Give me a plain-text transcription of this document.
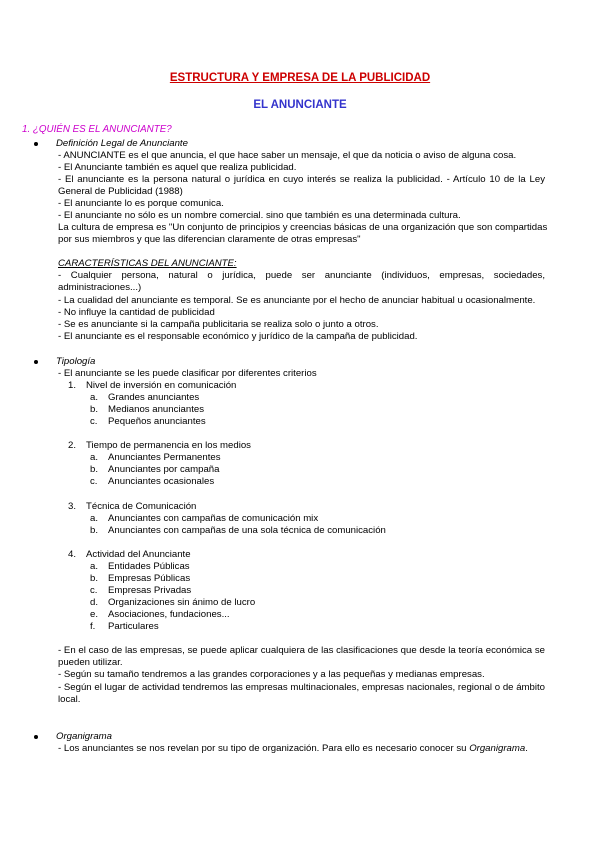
ESTRUCTURA Y EMPRESA DE LA PUBLICIDAD
EL ANUNCIANTE
1. ¿QUIÉN ES EL ANUNCIANTE?
Definición Legal de Anunciante
- ANUNCIANTE es el que anuncia, el que hace saber un mensaje, el que da noticia o aviso de alguna cosa.
- El Anunciante también es aquel que realiza publicidad.
- El anunciante es la persona natural o jurídica en cuyo interés se realiza la publicidad. - Artículo 10 de la Ley
General de Publicidad (1988)
- El anunciante lo es porque comunica.
- El anunciante no sólo es un nombre comercial. sino que también es una determinada cultura.
La cultura de empresa es "Un conjunto de principios y creencias básicas de una organización que son compartidas
por sus miembros y que las diferencian claramente de otras empresas"
CARACTERÍSTICAS DEL ANUNCIANTE:
- Cualquier persona, natural o jurídica, puede ser anunciante (individuos, empresas, sociedades,
administraciones...)
- La cualidad del anunciante es temporal. Se es anunciante por el hecho de anunciar habitual u ocasionalmente.
- No influye la cantidad de publicidad
- Se es anunciante si la campaña publicitaria se realiza solo o junto a otros.
- El anunciante es el responsable económico y jurídico de la campaña de publicidad.
Tipología
- El anunciante se les puede clasificar por diferentes criterios
1. Nivel de inversión en comunicación
a. Grandes anunciantes
b. Medianos anunciantes
c. Pequeños anunciantes
2. Tiempo de permanencia en los medios
a. Anunciantes Permanentes
b. Anunciantes por campaña
c. Anunciantes ocasionales
3. Técnica de Comunicación
a. Anunciantes con campañas de comunicación mix
b. Anunciantes con campañas de una sola técnica de comunicación
4. Actividad del Anunciante
a. Entidades Públicas
b. Empresas Públicas
c. Empresas Privadas
d. Organizaciones sin ánimo de lucro
e. Asociaciones, fundaciones...
f. Particulares
- En el caso de las empresas, se puede aplicar cualquiera de las clasificaciones que desde la teoría económica se
pueden utilizar.
- Según su tamaño tendremos a las grandes corporaciones y a las pequeñas y medianas empresas.
- Según el lugar de actividad tendremos las empresas multinacionales, empresas nacionales, regional o de ámbito
local.
Organigrama
- Los anunciantes se nos revelan por su tipo de organización. Para ello es necesario conocer su Organigrama.
